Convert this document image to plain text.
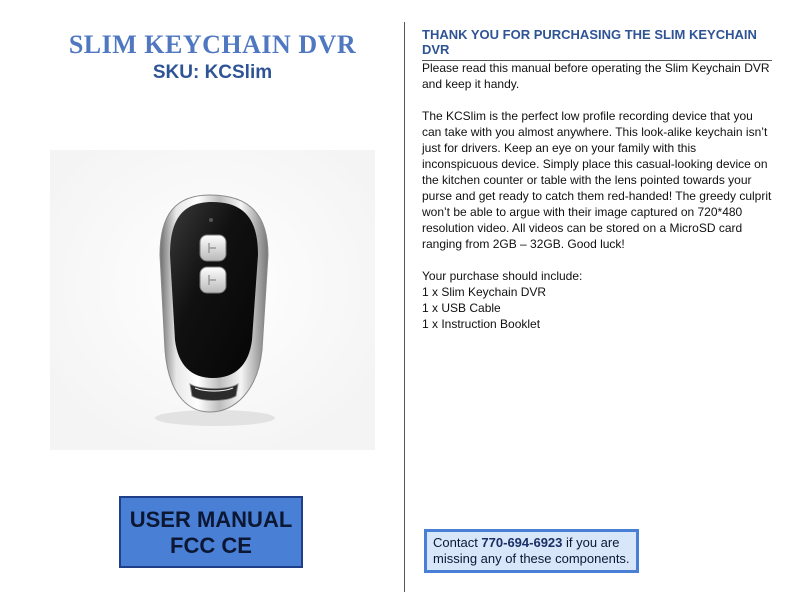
SLIM KEYCHAIN DVR
SKU: KCSlim
USER MANUAL
FCC CE
THANK YOU FOR PURCHASING THE SLIM KEYCHAIN DVR

Please read this manual before operating the Slim Keychain DVR and keep it handy.

The KCSlim is the perfect low profile recording device that you can take with you almost anywhere. This look-alike keychain isn’t just for drivers. Keep an eye on your family with this inconspicuous device. Simply place this casual-looking device on the kitchen counter or table with the lens pointed towards your purse and get ready to catch them red-handed! The greedy culprit won’t be able to argue with their image captured on 720*480 resolution video. All videos can be stored on a MicroSD card ranging from 2GB – 32GB. Good luck!

Your purchase should include:
1 x Slim Keychain DVR
1 x USB Cable
1 x Instruction Booklet
Contact 770-694-6923 if you are missing any of these components.
